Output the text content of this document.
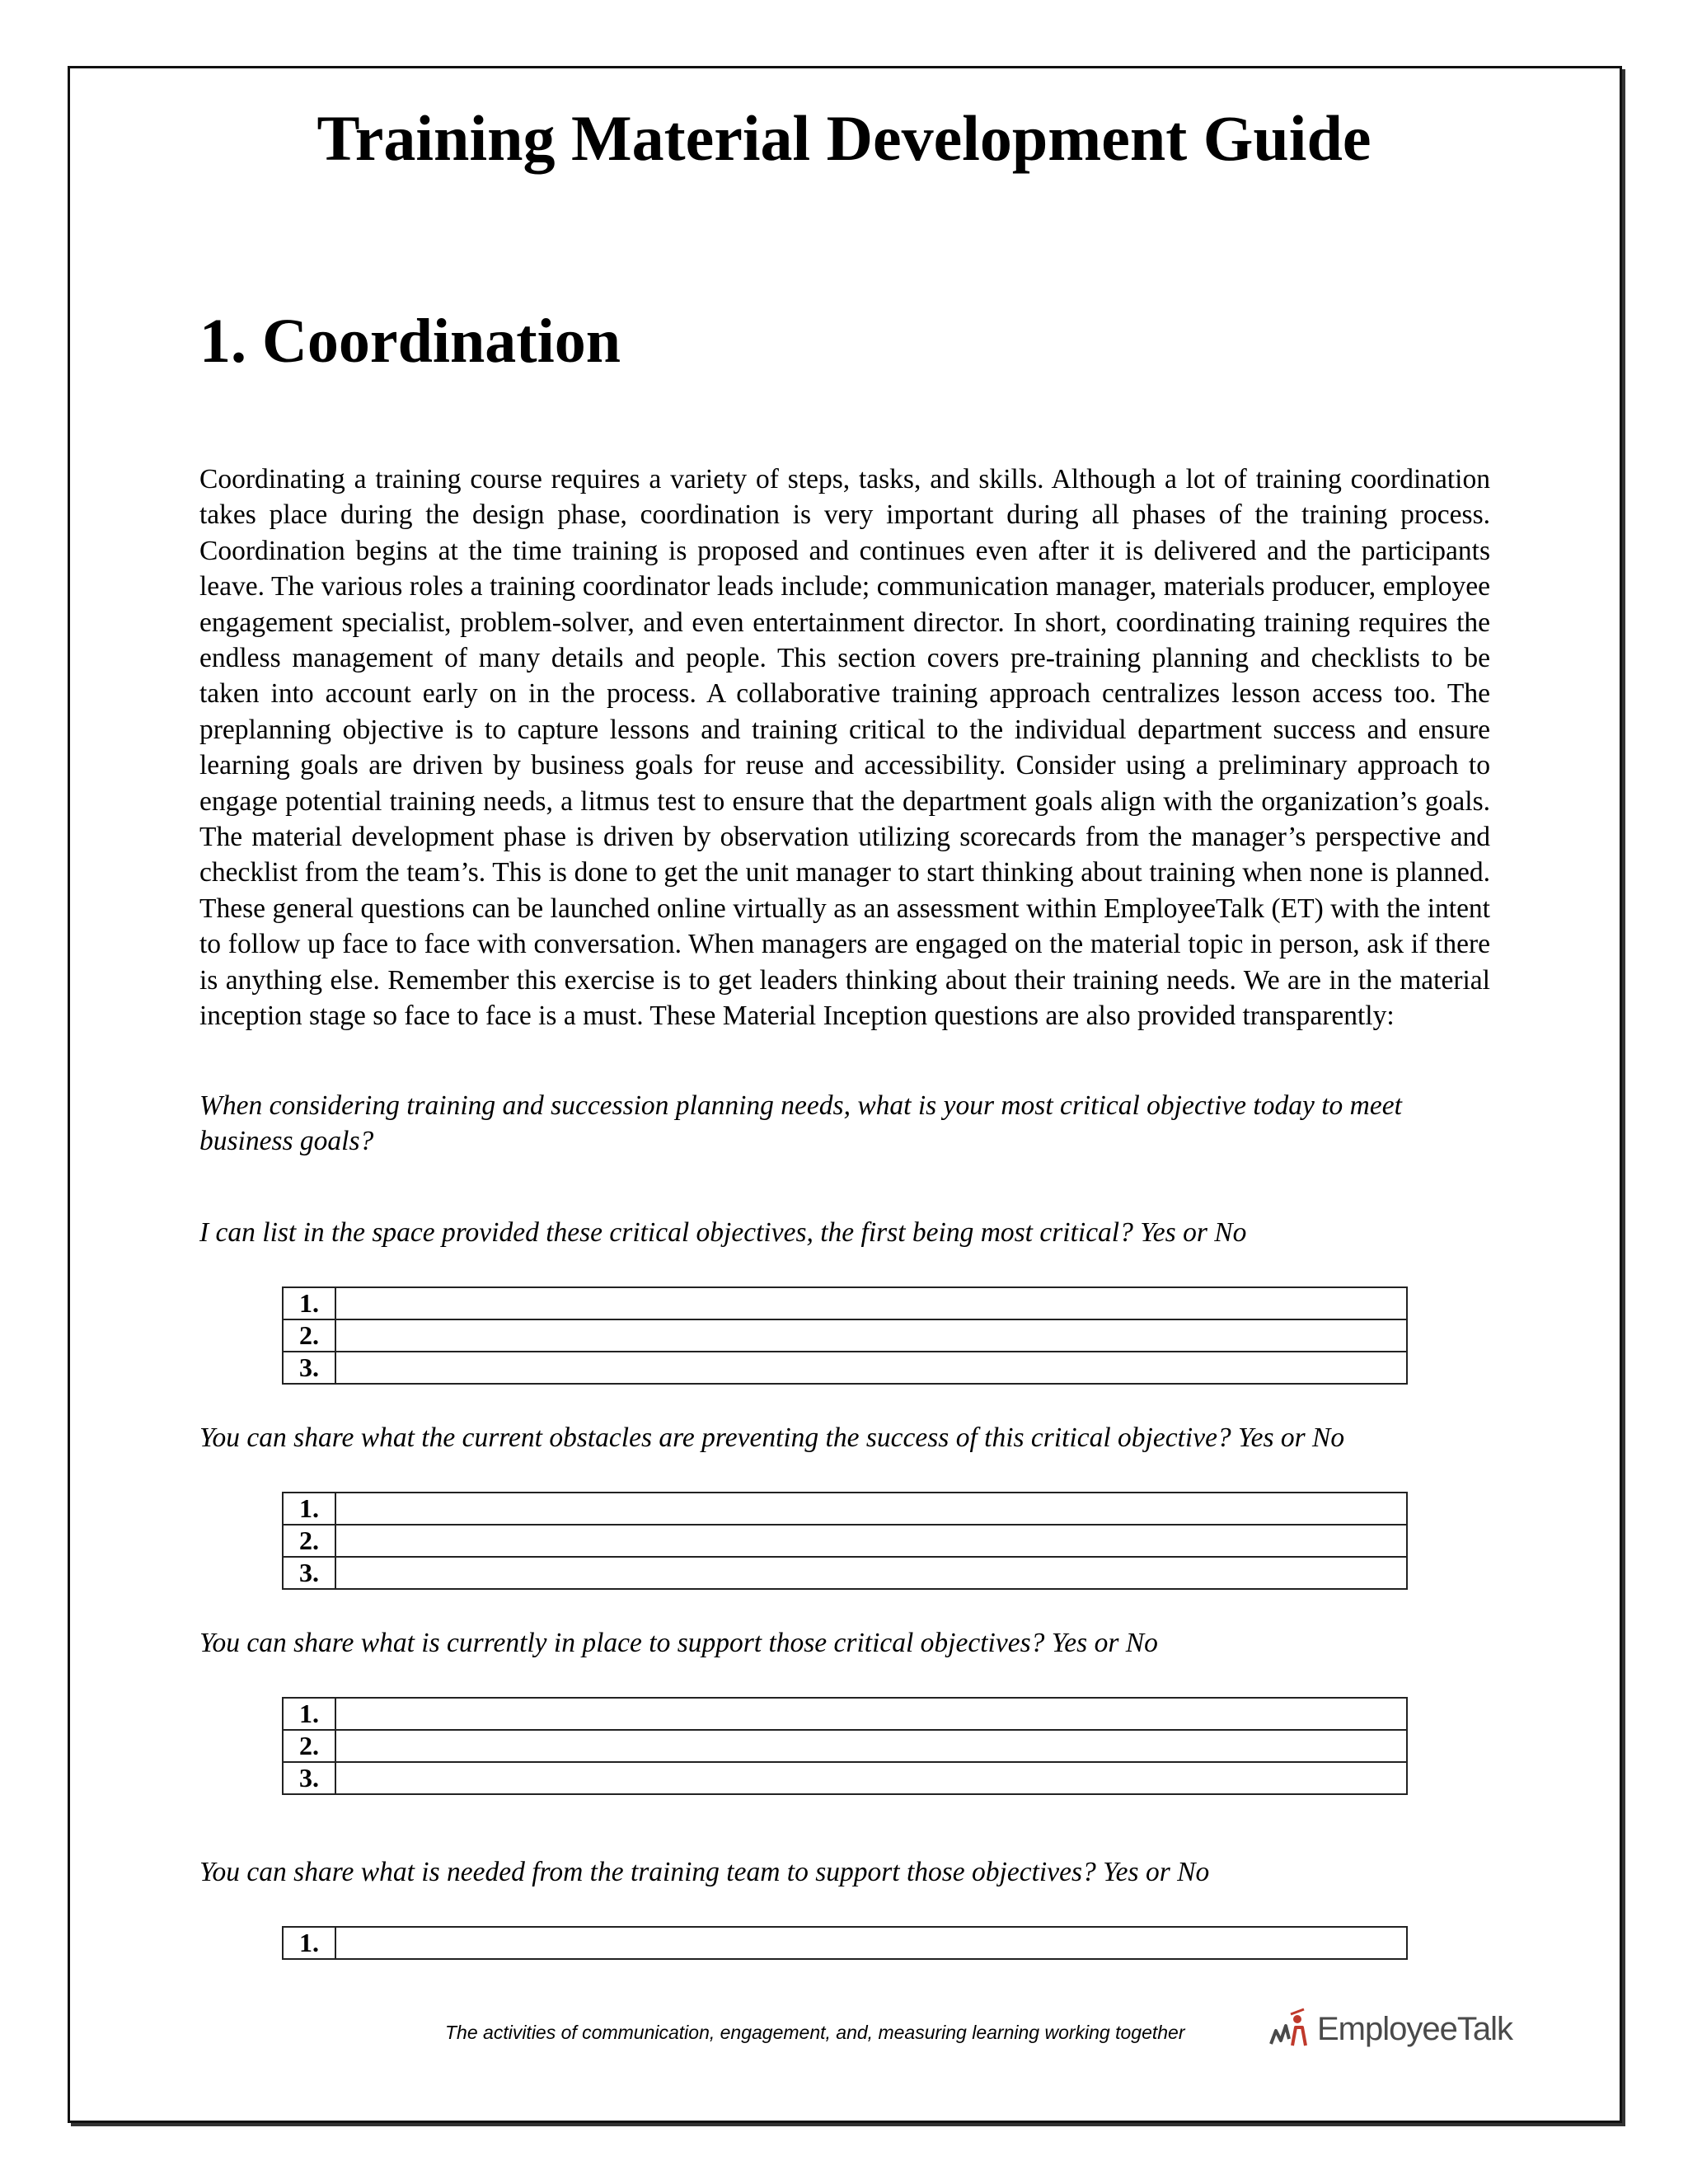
Training Material Development Guide
1. Coordination

Coordinating a training course requires a variety of steps, tasks, and skills. Although a lot of training coordination takes place during the design phase, coordination is very important during all phases of the training process. Coordination begins at the time training is proposed and continues even after it is delivered and the participants leave. The various roles a training coordinator leads include; communication manager, materials producer, employee engagement specialist, problem-solver, and even entertainment director. In short, coordinating training requires the endless management of many details and people. This section covers pre-training planning and checklists to be taken into account early on in the process. A collaborative training approach centralizes lesson access too. The preplanning objective is to capture lessons and training critical to the individual department success and ensure learning goals are driven by business goals for reuse and accessibility. Consider using a preliminary approach to engage potential training needs, a litmus test to ensure that the department goals align with the organization’s goals. The material development phase is driven by observation utilizing scorecards from the manager’s perspective and checklist from the team’s. This is done to get the unit manager to start thinking about training when none is planned. These general questions can be launched online virtually as an assessment within EmployeeTalk (ET) with the intent to follow up face to face with conversation. When managers are engaged on the material topic in person, ask if there is anything else. Remember this exercise is to get leaders thinking about their training needs. We are in the material inception stage so face to face is a must. These Material Inception questions are also provided transparently:

When considering training and succession planning needs, what is your most critical objective today to meet business goals?

I can list in the space provided these critical objectives, the first being most critical? Yes or No

1.	
2.	
3.	

You can share what the current obstacles are preventing the success of this critical objective? Yes or No

1.	
2.	
3.	

You can share what is currently in place to support those critical objectives? Yes or No

1.	
2.	
3.	

You can share what is needed from the training team to support those objectives? Yes or No

1.	
The activities of communication, engagement, and, measuring learning working together	EmployeeTalk
